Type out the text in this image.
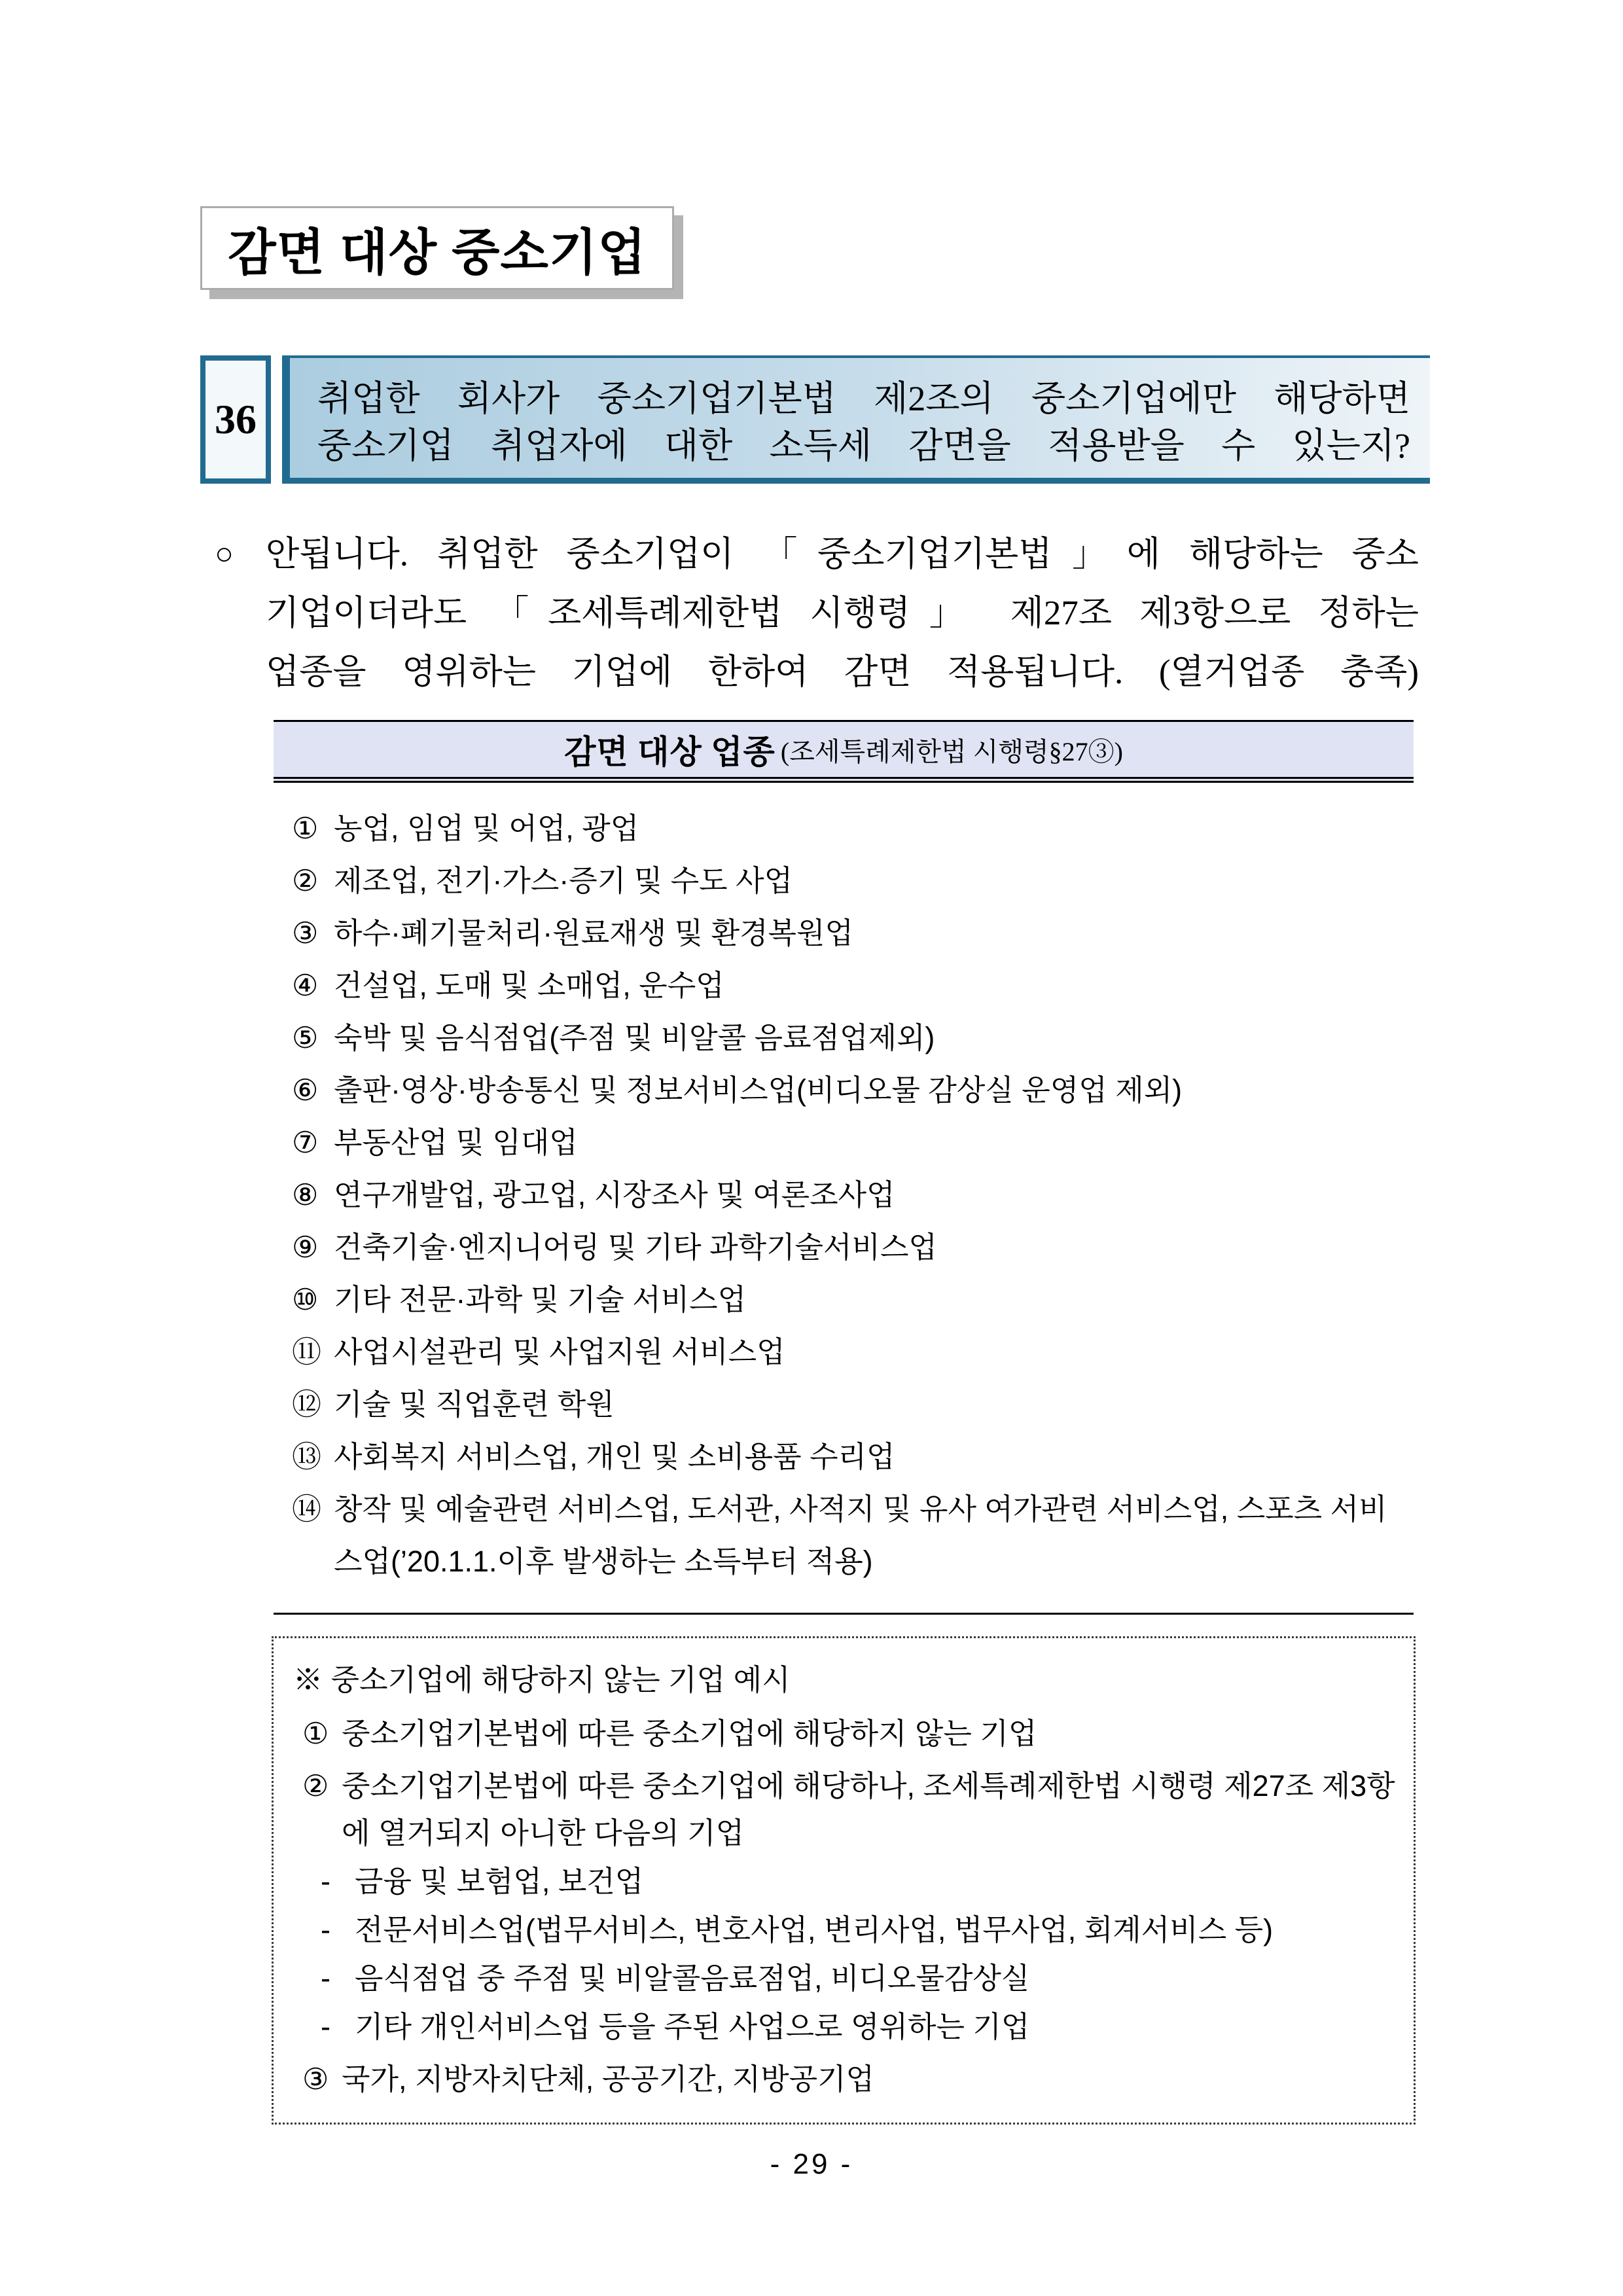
감면 대상 중소기업
36 취업한 회사가 중소기업기본법 제2조의 중소기업에만 해당하면
중소기업 취업자에 대한 소득세 감면을 적용받을 수 있는지?
○ 안됩니다. 취업한 중소기업이 「중소기업기본법」에 해당하는 중소
기업이더라도 「조세특례제한법 시행령」 제27조 제3항으로 정하는
업종을 영위하는 기업에 한하여 감면 적용됩니다. (열거업종 충족)
감면 대상 업종 (조세특례제한법 시행령§27③)
① 농업, 임업 및 어업, 광업
② 제조업, 전기·가스·증기 및 수도 사업
③ 하수·폐기물처리·원료재생 및 환경복원업
④ 건설업, 도매 및 소매업, 운수업
⑤ 숙박 및 음식점업(주점 및 비알콜 음료점업제외)
⑥ 출판·영상·방송통신 및 정보서비스업(비디오물 감상실 운영업 제외)
⑦ 부동산업 및 임대업
⑧ 연구개발업, 광고업, 시장조사 및 여론조사업
⑨ 건축기술·엔지니어링 및 기타 과학기술서비스업
⑩ 기타 전문·과학 및 기술 서비스업
⑪ 사업시설관리 및 사업지원 서비스업
⑫ 기술 및 직업훈련 학원
⑬ 사회복지 서비스업, 개인 및 소비용품 수리업
⑭ 창작 및 예술관련 서비스업, 도서관, 사적지 및 유사 여가관련 서비스업, 스포츠 서비스업(’20.1.1.이후 발생하는 소득부터 적용)
※ 중소기업에 해당하지 않는 기업 예시
① 중소기업기본법에 따른 중소기업에 해당하지 않는 기업
② 중소기업기본법에 따른 중소기업에 해당하나, 조세특례제한법 시행령 제27조 제3항에 열거되지 아니한 다음의 기업
- 금융 및 보험업, 보건업
- 전문서비스업(법무서비스, 변호사업, 변리사업, 법무사업, 회계서비스 등)
- 음식점업 중 주점 및 비알콜음료점업, 비디오물감상실
- 기타 개인서비스업 등을 주된 사업으로 영위하는 기업
③ 국가, 지방자치단체, 공공기간, 지방공기업
- 29 -
